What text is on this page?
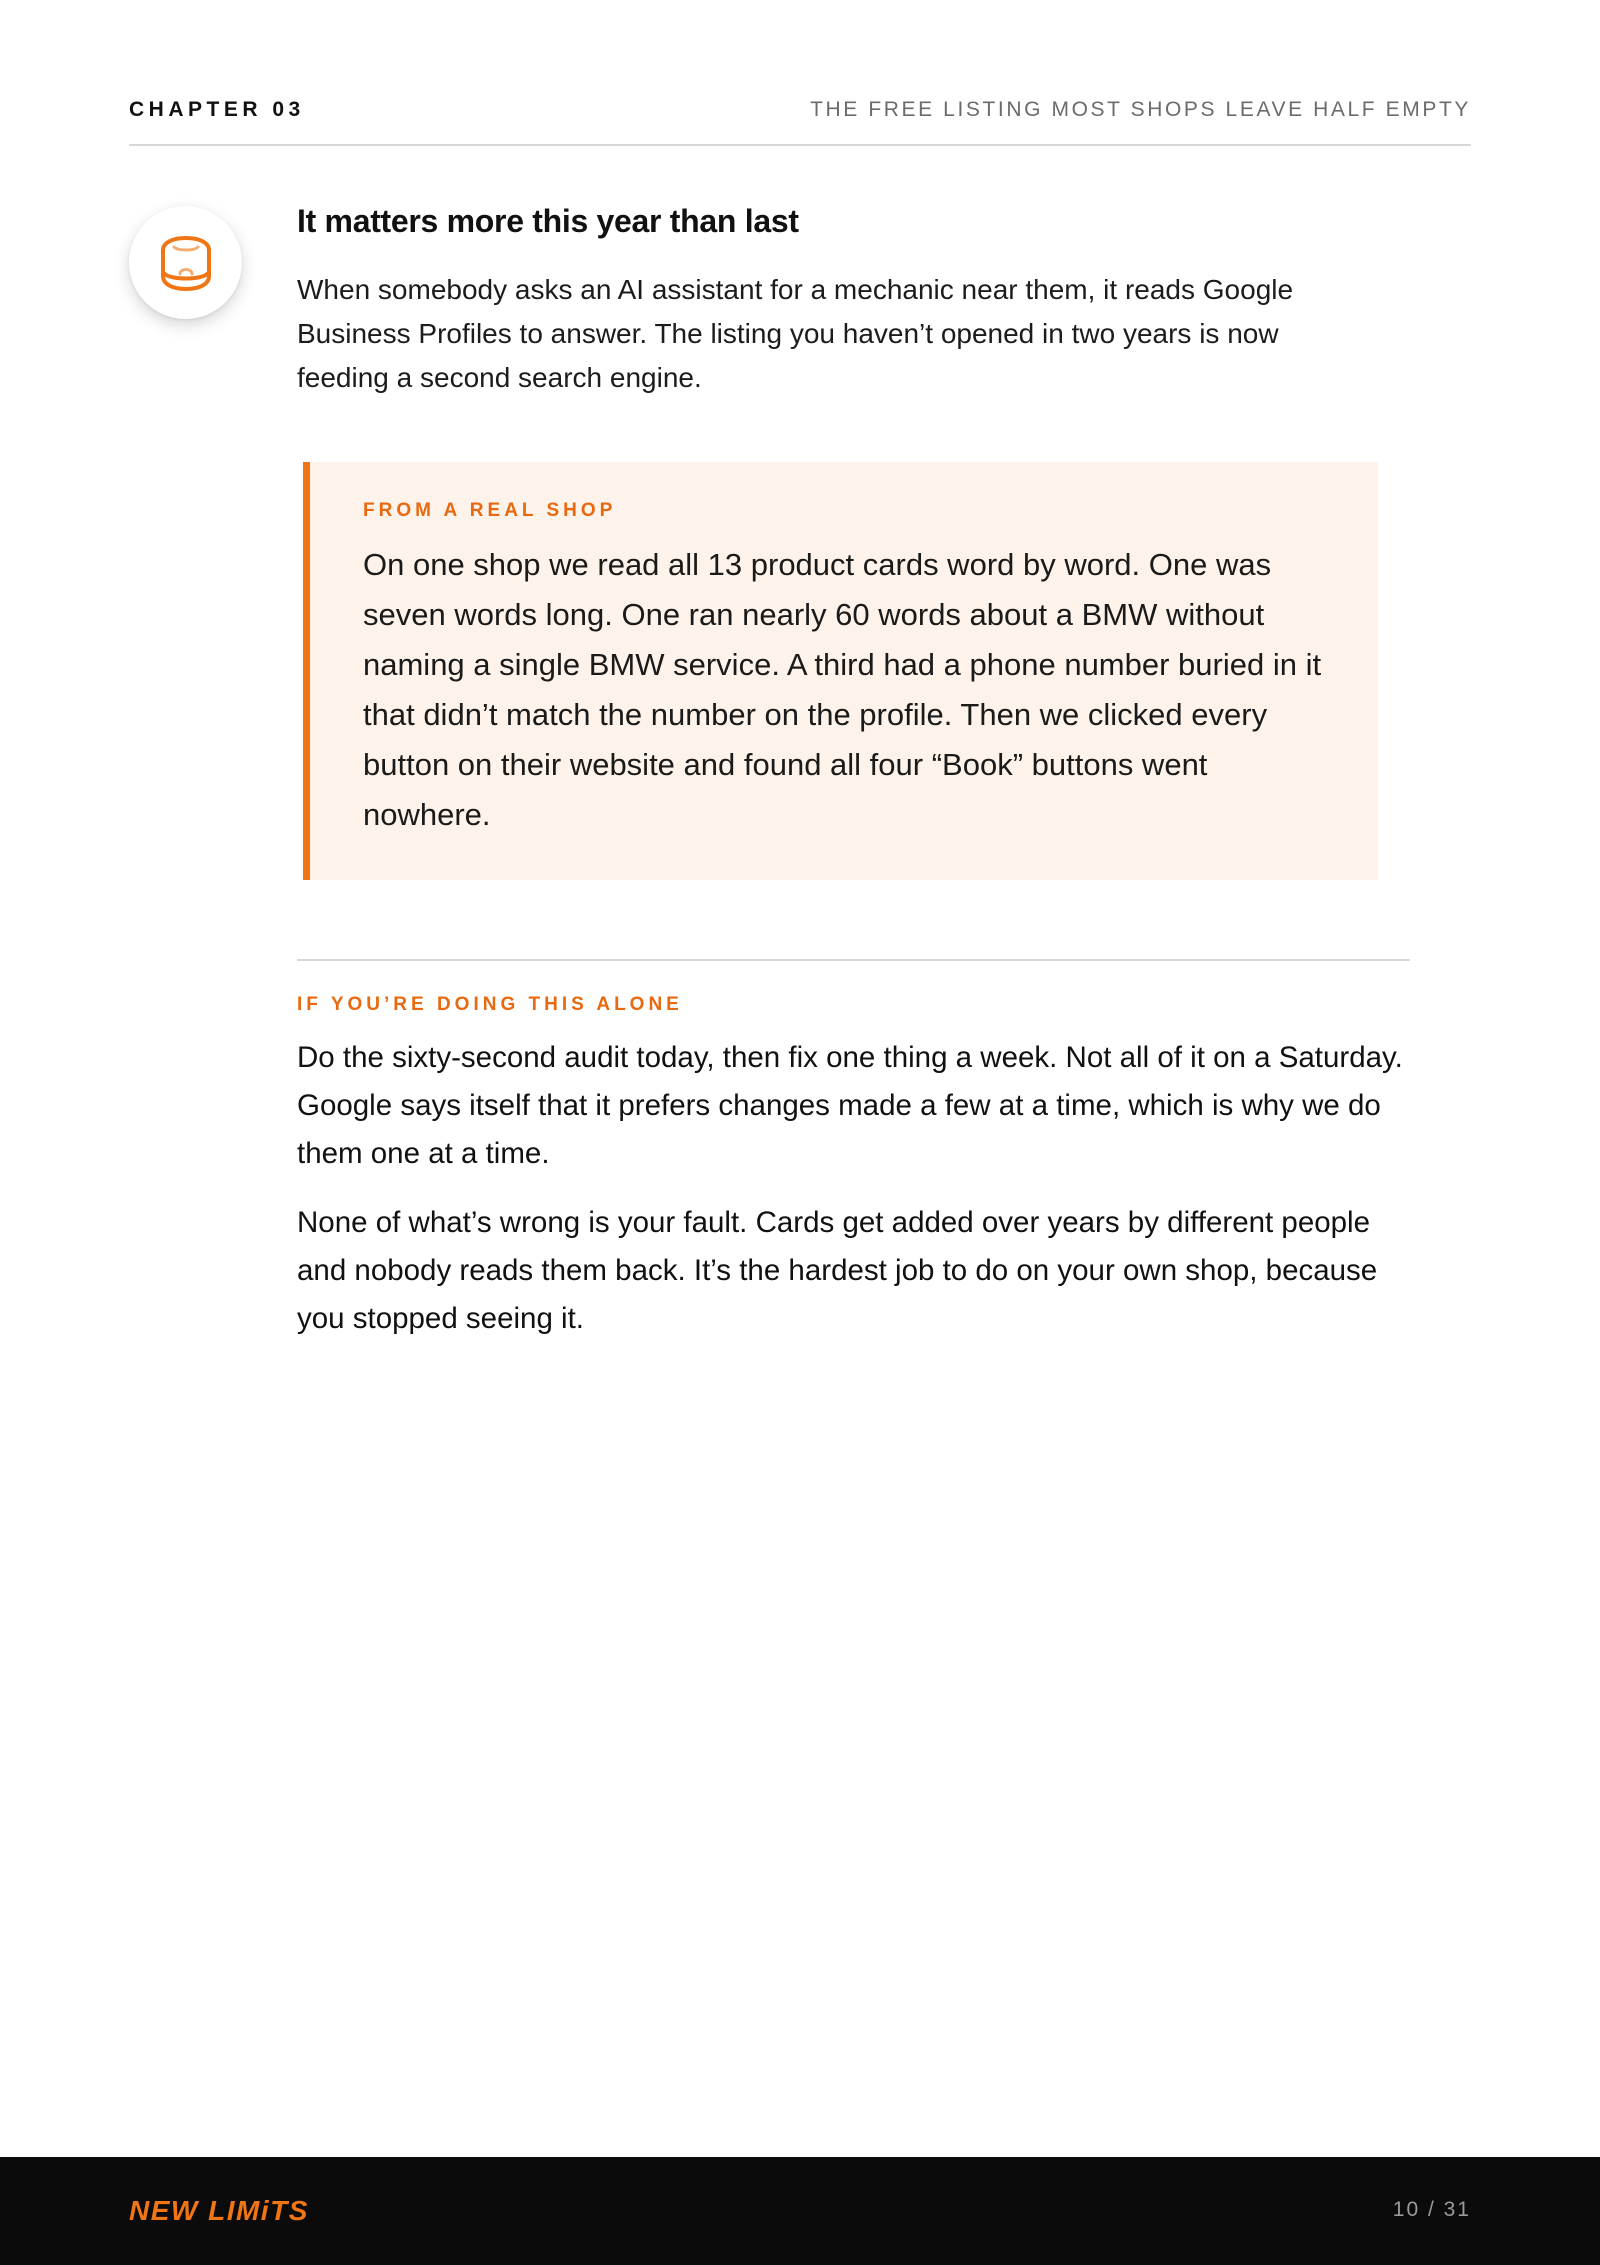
CHAPTER 03	THE FREE LISTING MOST SHOPS LEAVE HALF EMPTY
It matters more this year than last

When somebody asks an AI assistant for a mechanic near them, it reads Google Business Profiles to answer. The listing you haven’t opened in two years is now feeding a second search engine.

FROM A REAL SHOP

On one shop we read all 13 product cards word by word. One was seven words long. One ran nearly 60 words about a BMW without naming a single BMW service. A third had a phone number buried in it that didn’t match the number on the profile. Then we clicked every button on their website and found all four “Book” buttons went nowhere.

IF YOU’RE DOING THIS ALONE

Do the sixty-second audit today, then fix one thing a week. Not all of it on a Saturday. Google says itself that it prefers changes made a few at a time, which is why we do them one at a time.

None of what’s wrong is your fault. Cards get added over years by different people and nobody reads them back. It’s the hardest job to do on your own shop, because you stopped seeing it.

NEW LIMiTS	10 / 31
